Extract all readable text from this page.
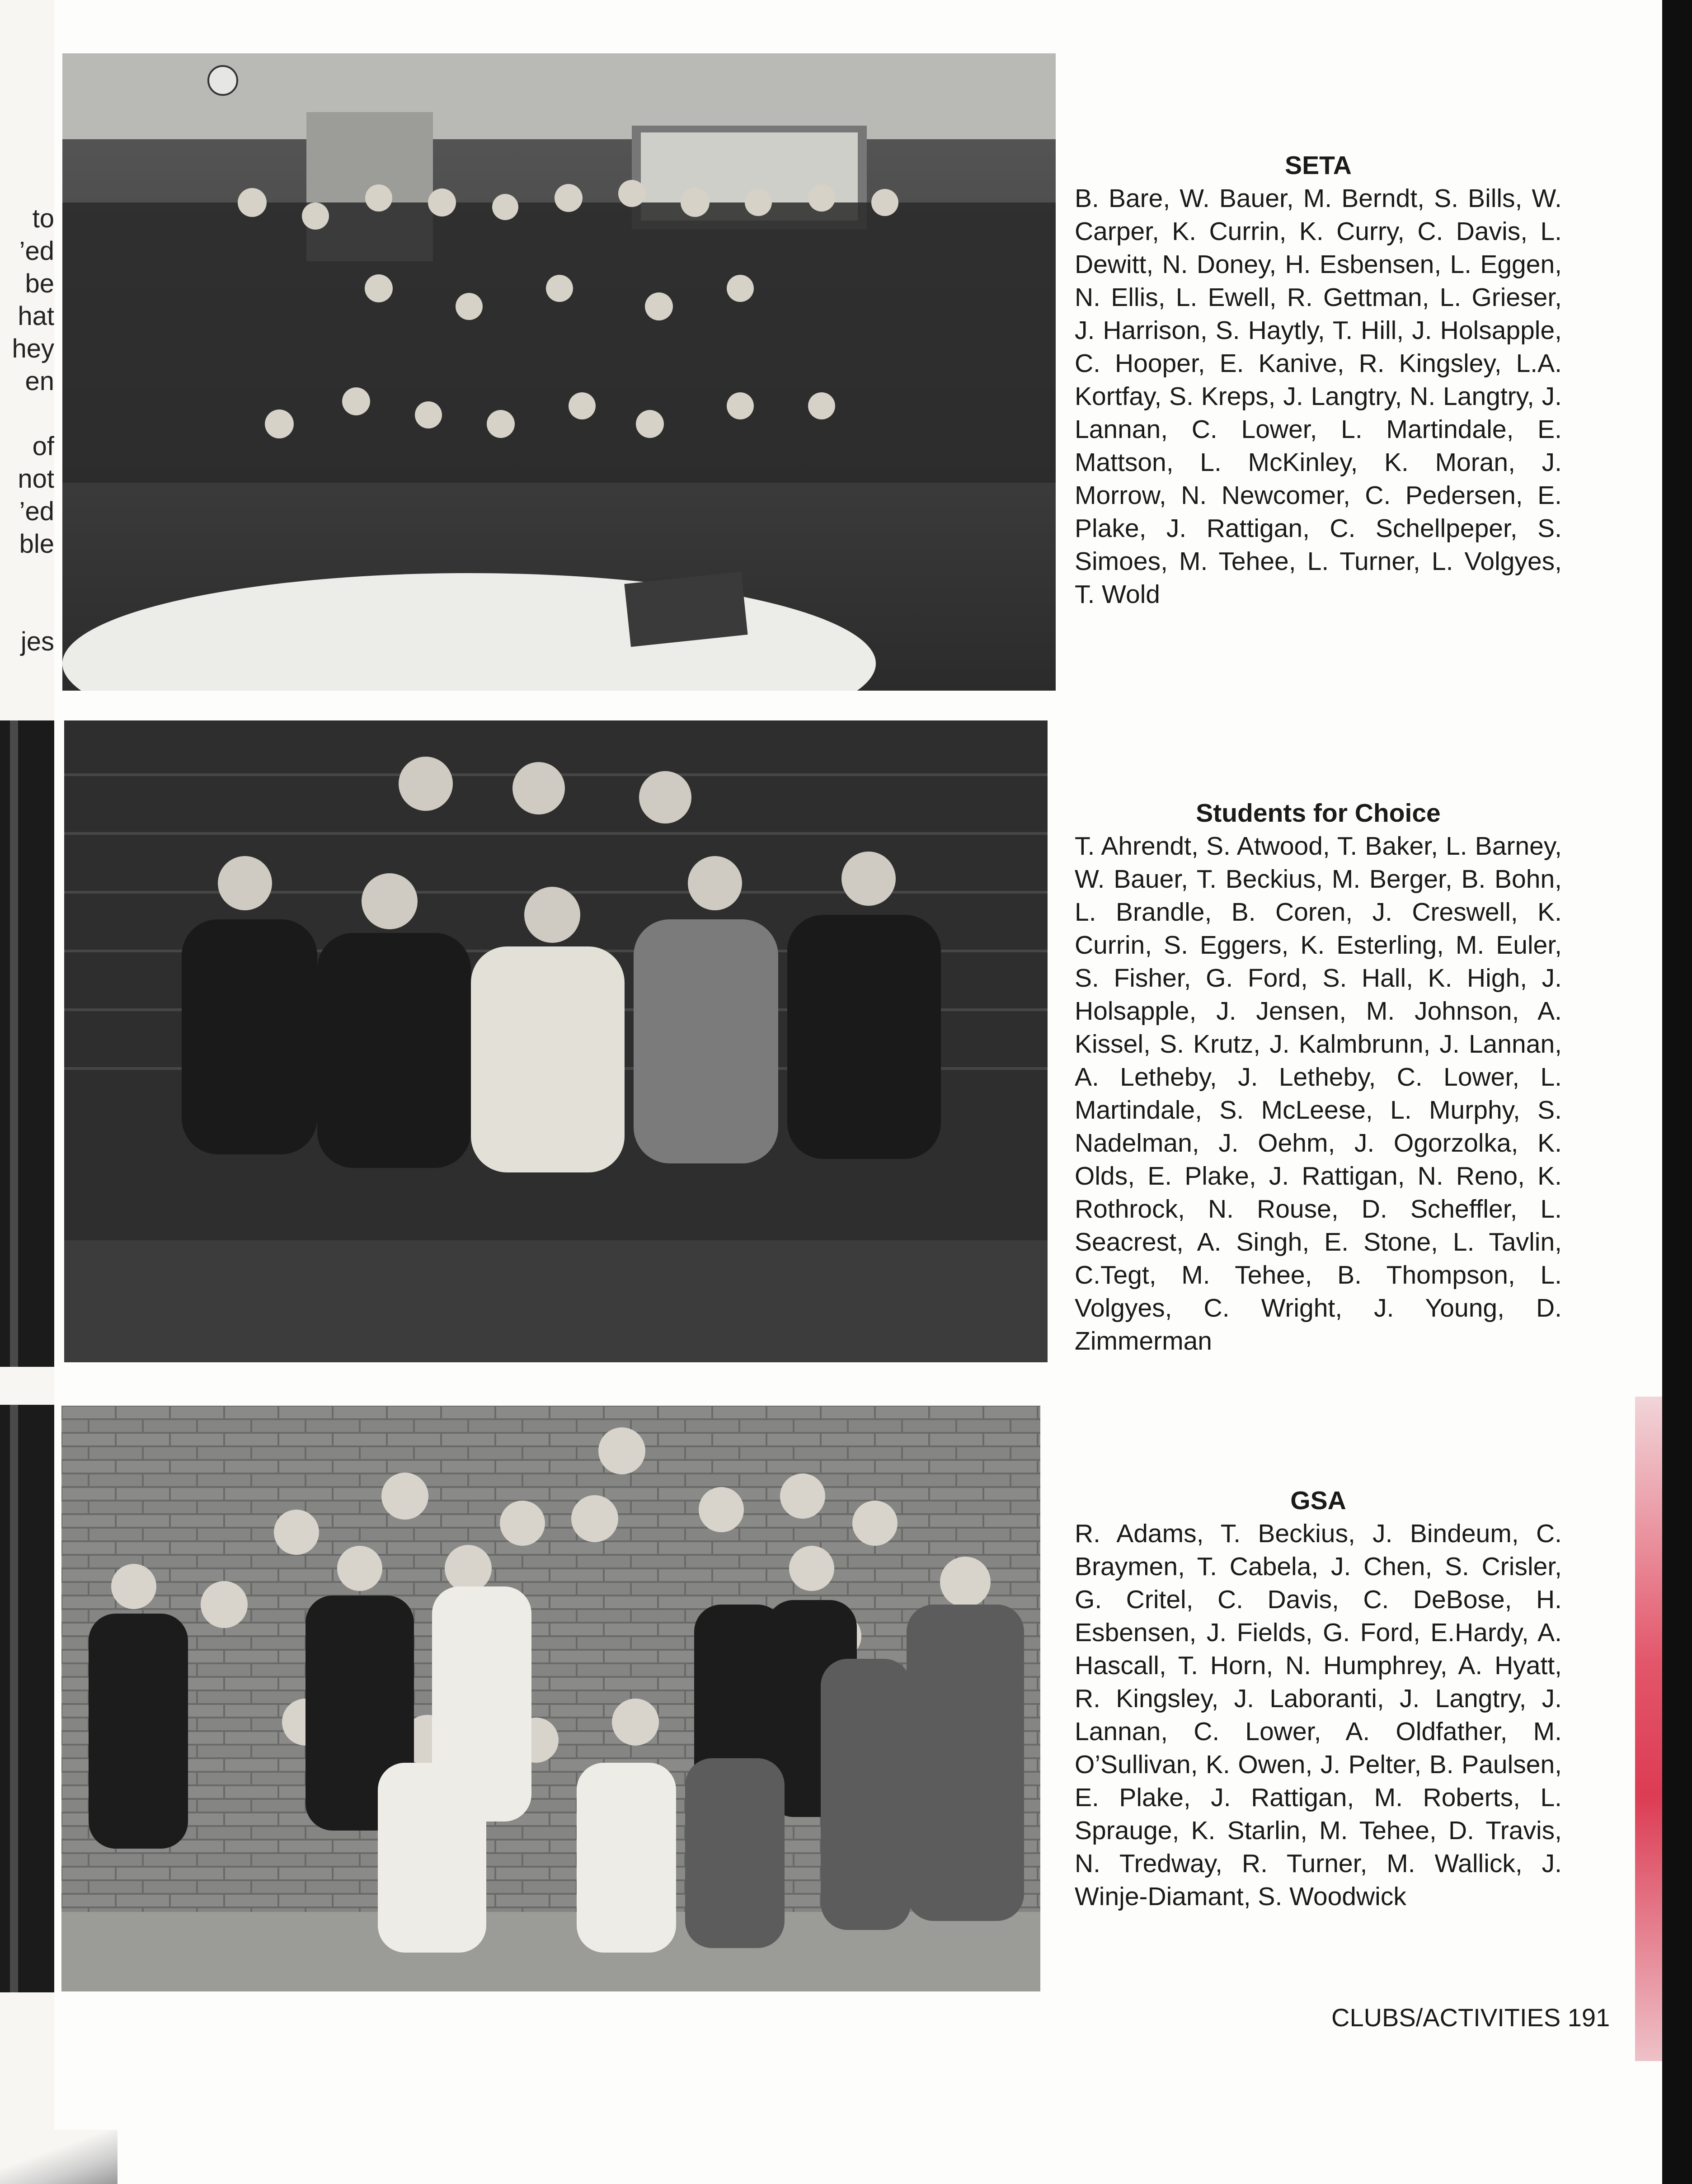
to
’ed
be
hat
hey
en
of
not
’ed
ble
jes
SETA

B. Bare, W. Bauer, M. Berndt, S. Bills, W. Carper, K. Currin, K. Curry, C. Davis, L. Dewitt, N. Doney, H. Esbensen, L. Eggen, N. Ellis, L. Ewell, R. Gettman, L. Grieser, J. Harrison, S. Haytly, T. Hill, J. Holsapple, C. Hooper, E. Kanive, R. Kingsley, L.A. Kortfay, S. Kreps, J. Langtry, N. Langtry, J. Lannan, C. Lower, L. Martindale, E. Mattson, L. McKinley, K. Moran, J. Morrow, N. Newcomer, C. Pedersen, E. Plake, J. Rattigan, C. Schellpeper, S. Simoes, M. Tehee, L. Turner, L. Volgyes, T. Wold

Students for Choice

T. Ahrendt, S. Atwood, T. Baker, L. Barney, W. Bauer, T. Beckius, M. Berger, B. Bohn, L. Brandle, B. Coren, J. Creswell, K. Currin, S. Eggers, K. Esterling, M. Euler, S. Fisher, G. Ford, S. Hall, K. High, J. Holsapple, J. Jensen, M. Johnson, A. Kissel, S. Krutz, J. Kalmbrunn, J. Lannan, A. Letheby, J. Letheby, C. Lower, L. Martindale, S. McLeese, L. Murphy, S. Nadelman, J. Oehm, J. Ogorzolka, K. Olds, E. Plake, J. Rattigan, N. Reno, K. Rothrock, N. Rouse, D. Scheffler, L. Seacrest, A. Singh, E. Stone, L. Tavlin, C.Tegt, M. Tehee, B. Thompson, L. Volgyes, C. Wright, J. Young, D. Zimmerman

GSA

R. Adams, T. Beckius, J. Bindeum, C. Braymen, T. Cabela, J. Chen, S. Crisler, G. Critel, C. Davis, C. DeBose, H. Esbensen, J. Fields, G. Ford, E.Hardy, A. Hascall, T. Horn, N. Humphrey, A. Hyatt, R. Kingsley, J. Laboranti, J. Langtry, J. Lannan, C. Lower, A. Oldfather, M. O’Sullivan, K. Owen, J. Pelter, B. Paulsen, E. Plake, J. Rattigan, M. Roberts, L. Sprauge, K. Starlin, M. Tehee, D. Travis, N. Tredway, R. Turner, M. Wallick, J. Winje-Diamant, S. Woodwick

CLUBS/ACTIVITIES 191
